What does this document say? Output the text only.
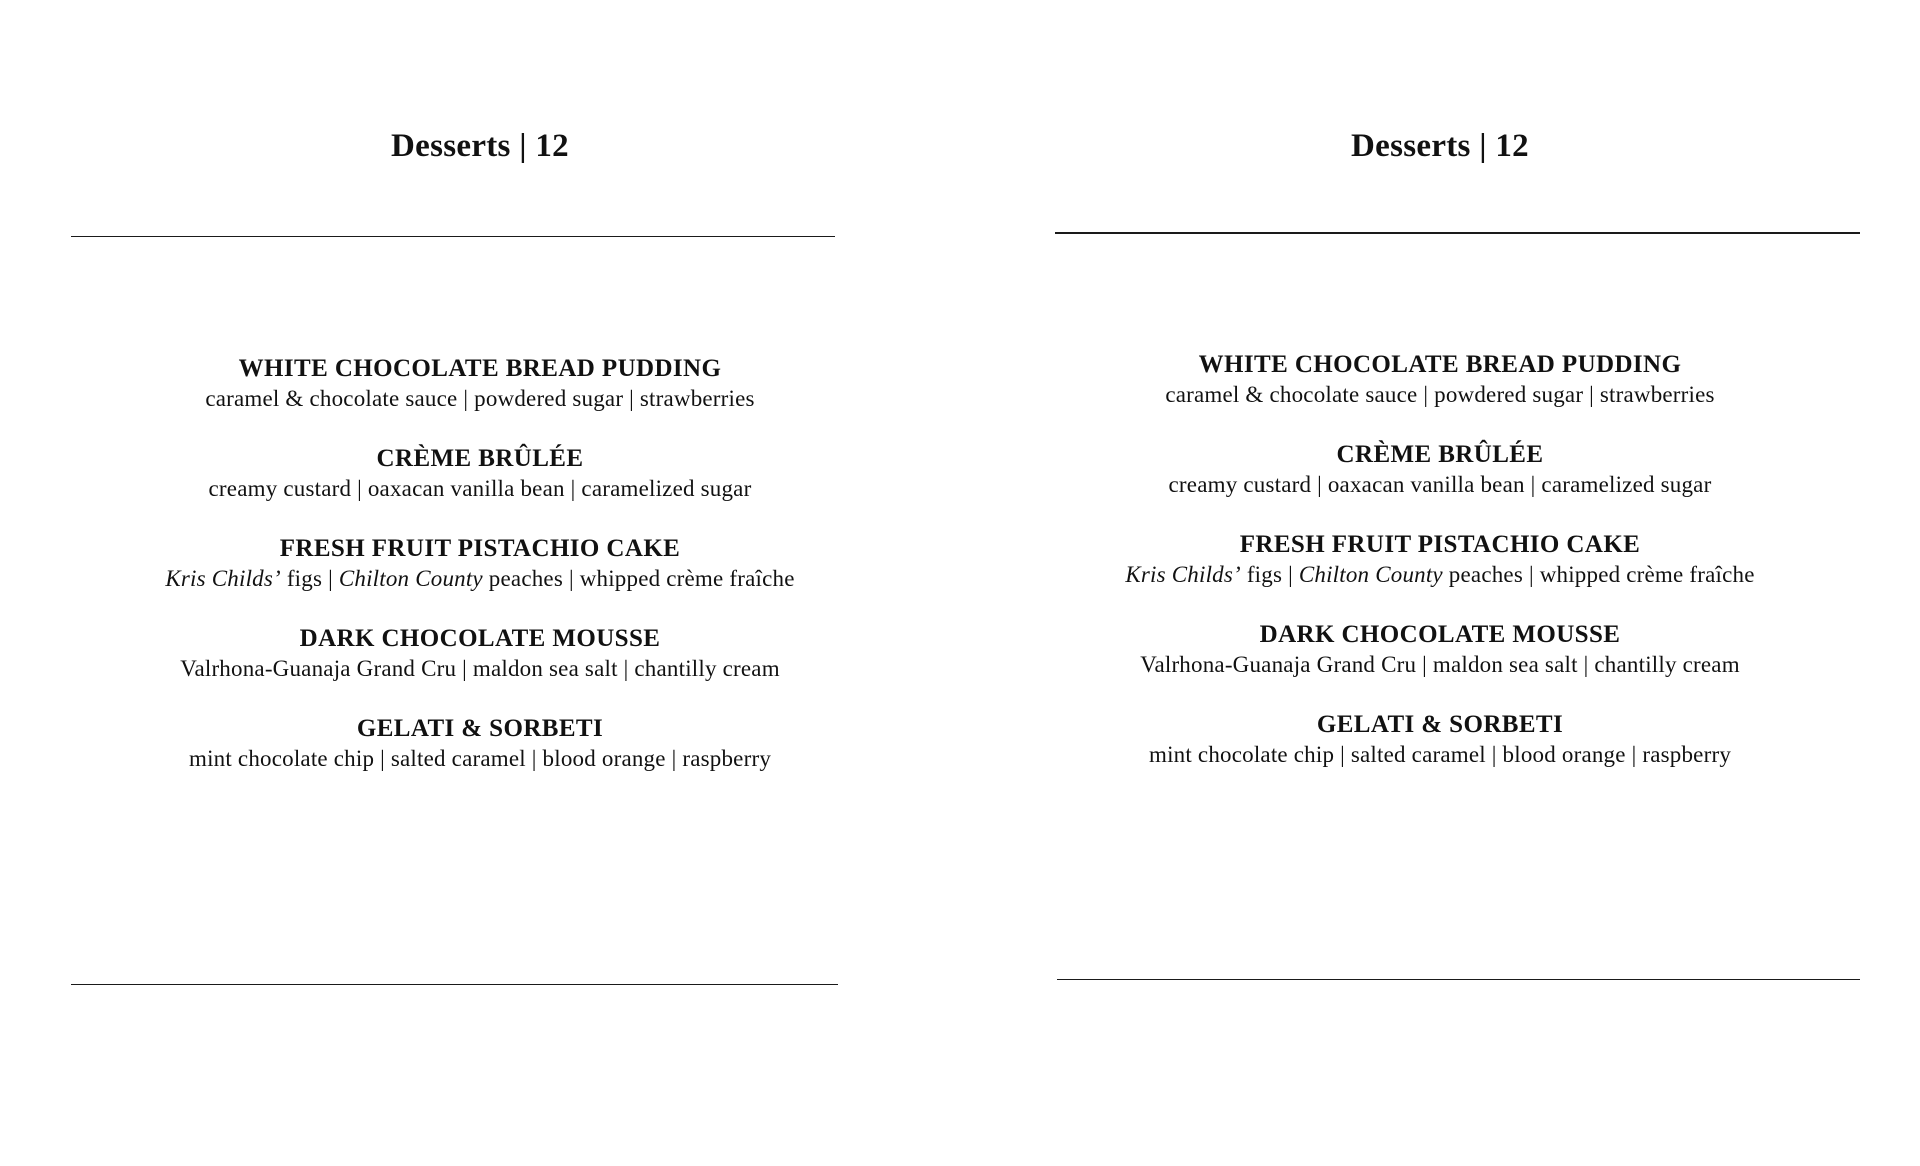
Desserts | 12
WHITE CHOCOLATE BREAD PUDDING
caramel & chocolate sauce | powdered sugar | strawberries
CRÈME BRÛLÉE
creamy custard | oaxacan vanilla bean | caramelized sugar
FRESH FRUIT PISTACHIO CAKE
Kris Childs’ figs | Chilton County peaches | whipped crème fraîche
DARK CHOCOLATE MOUSSE
Valrhona-Guanaja Grand Cru | maldon sea salt | chantilly cream
GELATI & SORBETI
mint chocolate chip | salted caramel | blood orange | raspberry
Desserts | 12
WHITE CHOCOLATE BREAD PUDDING
caramel & chocolate sauce | powdered sugar | strawberries
CRÈME BRÛLÉE
creamy custard | oaxacan vanilla bean | caramelized sugar
FRESH FRUIT PISTACHIO CAKE
Kris Childs’ figs | Chilton County peaches | whipped crème fraîche
DARK CHOCOLATE MOUSSE
Valrhona-Guanaja Grand Cru | maldon sea salt | chantilly cream
GELATI & SORBETI
mint chocolate chip | salted caramel | blood orange | raspberry
